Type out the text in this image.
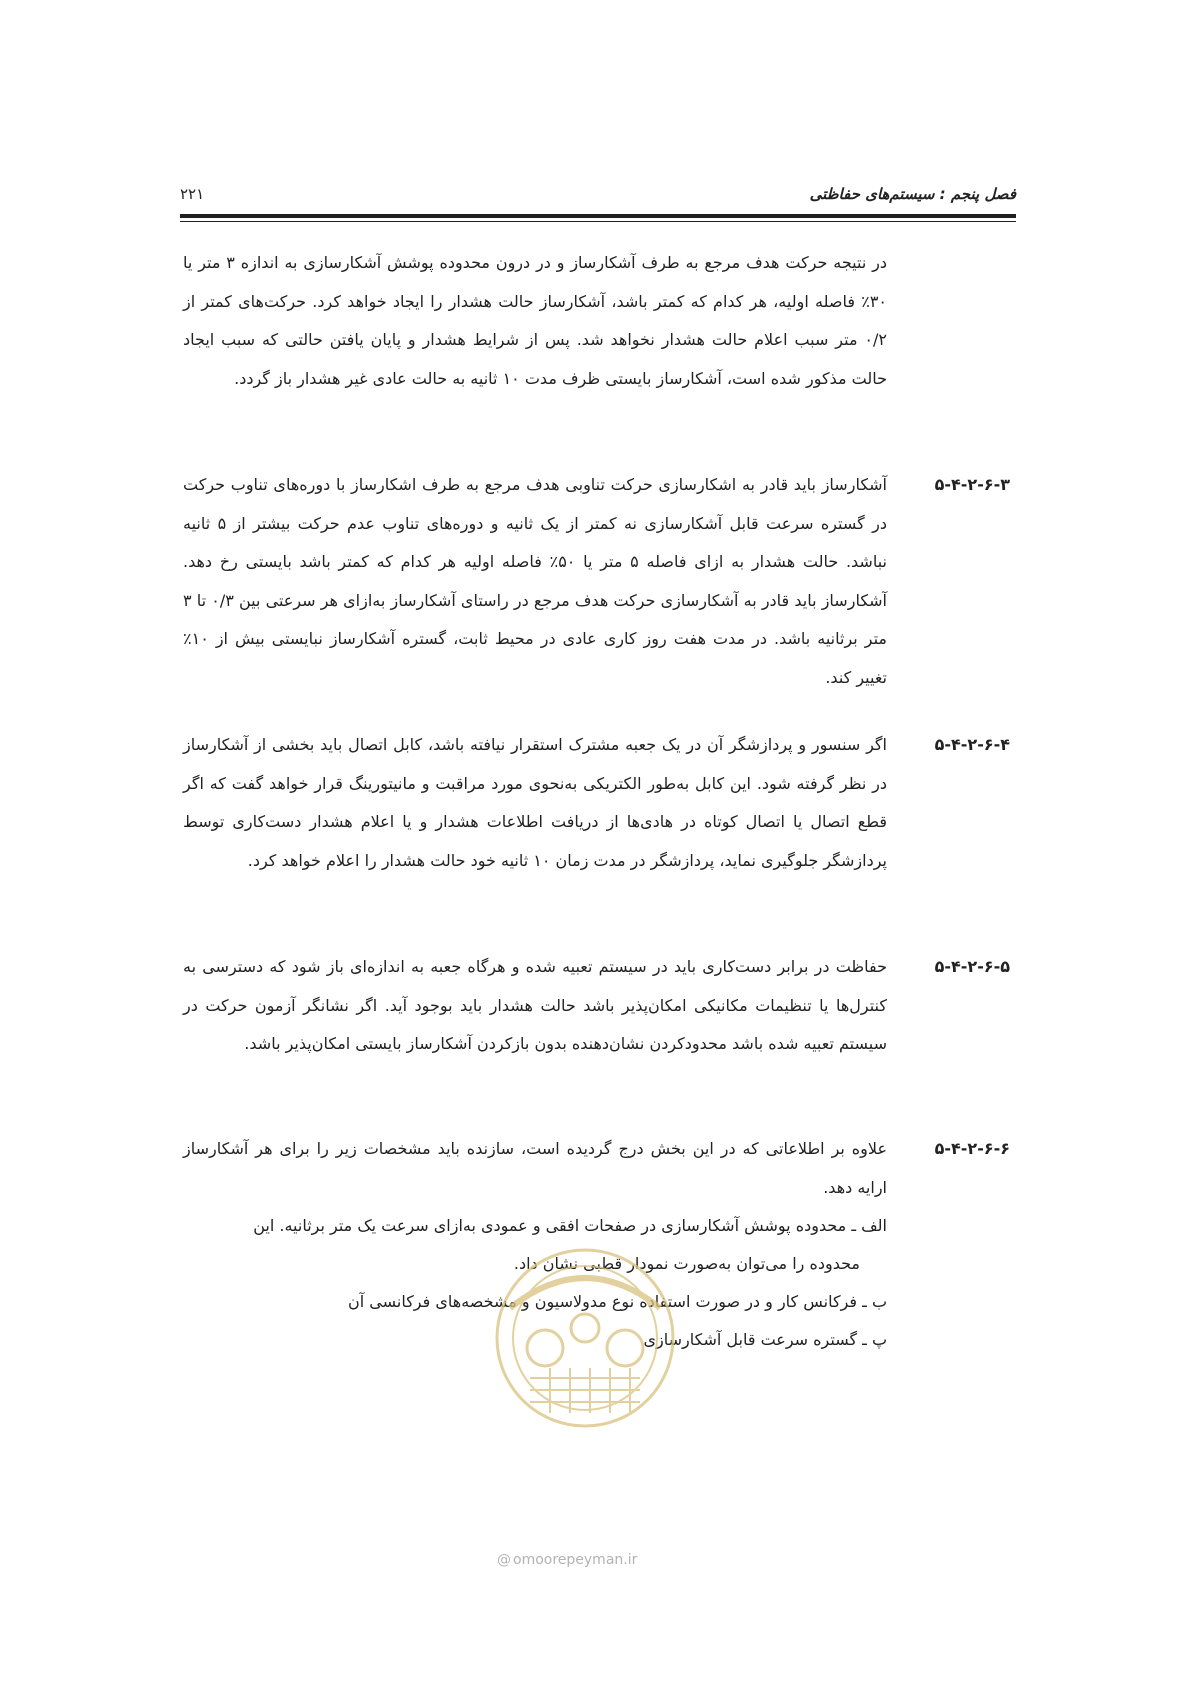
فصل پنجم : سیستم‌های حفاظتی
۲۲۱
در نتیجه حرکت هدف مرجع به طرف آشکارساز و در درون محدوده پوشش آشکارسازی به اندازه ۳ متر یا ۳۰٪ فاصله اولیه، هر کدام که کمتر باشد، آشکارساز حالت هشدار را ایجاد خواهد کرد. حرکت‌های کمتر از ۰/۲ متر سبب اعلام حالت هشدار نخواهد شد. پس از شرایط هشدار و پایان یافتن حالتی که سبب ایجاد حالت مذکور شده است، آشکارساز بایستی ظرف مدت ۱۰ ثانیه به حالت عادی غیر هشدار باز گردد.
۵-۴-۲-۶-۳
آشکارساز باید قادر به اشکارسازی حرکت تناوبی هدف مرجع به طرف اشکارساز با دوره‌های تناوب حرکت در گستره سرعت قابل آشکارسازی نه کمتر از یک ثانیه و دوره‌های تناوب عدم حرکت بیشتر از ۵ ثانیه نباشد. حالت هشدار به ازای فاصله ۵ متر یا ۵۰٪ فاصله اولیه هر کدام که کمتر باشد بایستی رخ دهد. آشکارساز باید قادر به آشکارسازی حرکت هدف مرجع در راستای آشکارساز به‌ازای هر سرعتی بین ۰/۳ تا ۳ متر برثانیه باشد. در مدت هفت روز کاری عادی در محیط ثابت، گستره آشکارساز نبایستی بیش از ۱۰٪ تغییر کند.
۵-۴-۲-۶-۴
اگر سنسور و پردازشگر آن در یک جعبه مشترک استقرار نیافته باشد، کابل اتصال باید بخشی از آشکارساز در نظر گرفته شود. این کابل به‌طور الکتریکی به‌نحوی مورد مراقبت و مانیتورینگ قرار خواهد گفت که اگر قطع اتصال یا اتصال کوتاه در هادی‌ها از دریافت اطلاعات هشدار و یا اعلام هشدار دست‌کاری توسط پردازشگر جلوگیری نماید، پردازشگر در مدت زمان ۱۰ ثانیه خود حالت هشدار را اعلام خواهد کرد.
۵-۴-۲-۶-۵
حفاظت در برابر دست‌کاری باید در سیستم تعبیه شده و هرگاه جعبه به اندازه‌ای باز شود که دسترسی به کنترل‌ها یا تنظیمات مکانیکی امکان‌پذیر باشد حالت هشدار باید بوجود آید. اگر نشانگر آزمون حرکت در سیستم تعبیه شده باشد محدودکردن نشان‌دهنده بدون بازکردن آشکارساز بایستی امکان‌پذیر باشد.
۵-۴-۲-۶-۶
علاوه بر اطلاعاتی که در این بخش درج گردیده است، سازنده باید مشخصات زیر را برای هر آشکارساز ارایه دهد.
الف ـ محدوده پوشش آشکارسازی در صفحات افقی و عمودی به‌ازای سرعت یک متر برثانیه. این
محدوده را می‌توان به‌صورت نمودار قطبی نشان داد.
ب ـ فرکانس کار و در صورت استفاده نوع مدولاسیون و مشخصه‌های فرکانسی آن
پ ـ گستره سرعت قابل آشکارسازی
@ omoorepeyman.ir
